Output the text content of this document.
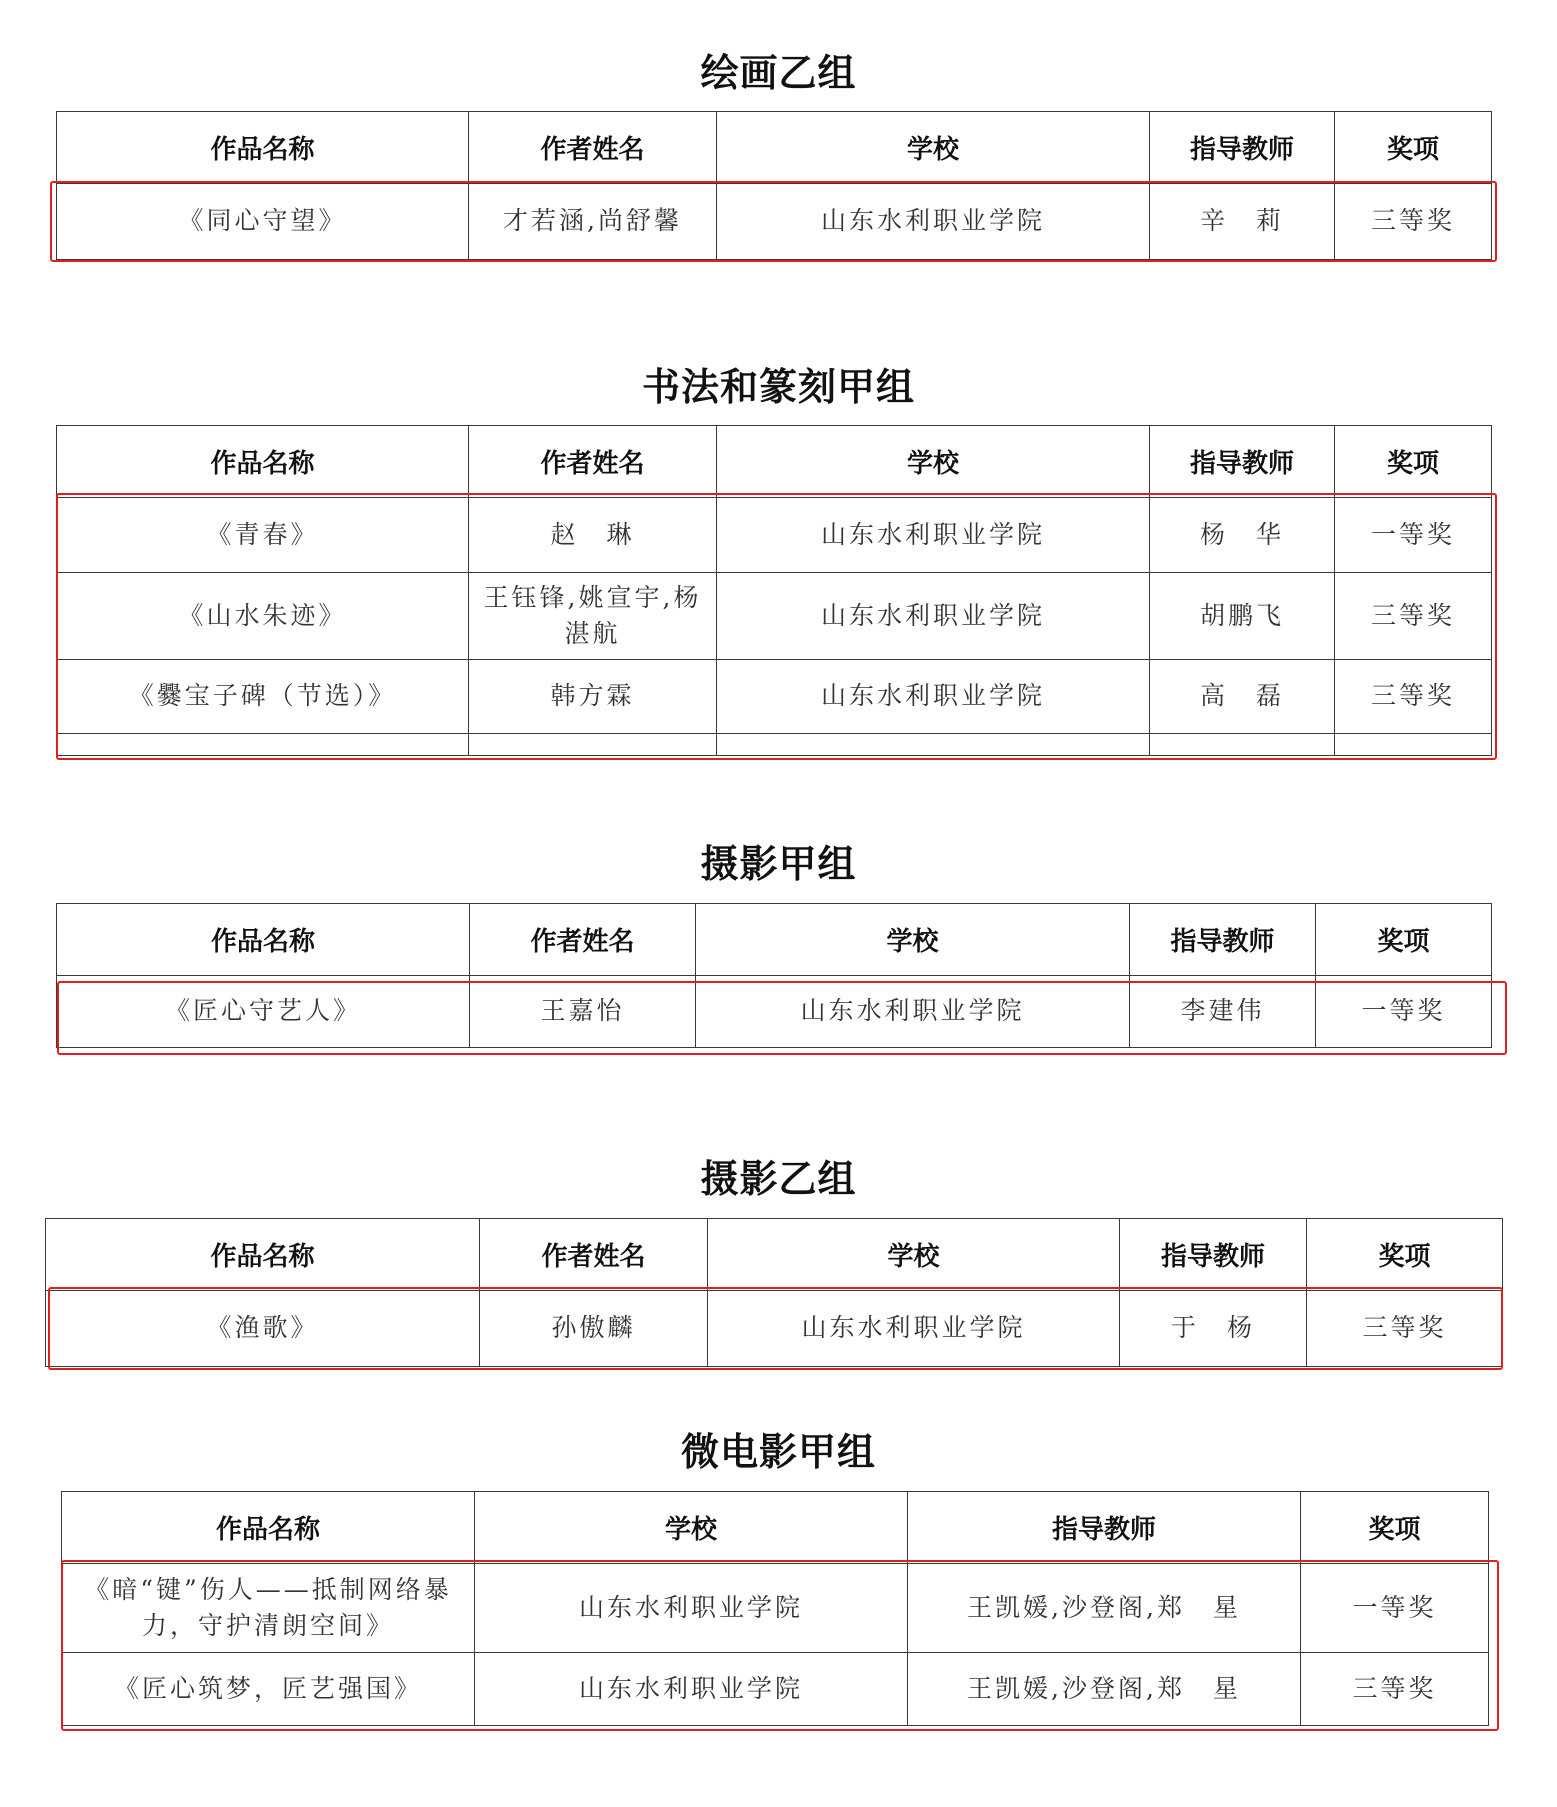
绘画乙组
作品名称	作者姓名	学校	指导教师	奖项
《同心守望》	才若涵,尚舒馨	山东水利职业学院	辛　莉	三等奖
书法和篆刻甲组
作品名称	作者姓名	学校	指导教师	奖项
《青春》	赵　琳	山东水利职业学院	杨　华	一等奖
《山水朱迹》	王钰锋,姚宣宇,杨湛航	山东水利职业学院	胡鹏飞	三等奖
《爨宝子碑（节选）》	韩方霖	山东水利职业学院	高　磊	三等奖

摄影甲组
作品名称	作者姓名	学校	指导教师	奖项
《匠心守艺人》	王嘉怡	山东水利职业学院	李建伟	一等奖
摄影乙组
作品名称	作者姓名	学校	指导教师	奖项
《渔歌》	孙傲麟	山东水利职业学院	于　杨	三等奖
微电影甲组
作品名称	学校	指导教师	奖项
《暗“键”伤人——抵制网络暴力，守护清朗空间》	山东水利职业学院	王凯媛,沙登阁,郑　星	一等奖
《匠心筑梦，匠艺强国》	山东水利职业学院	王凯媛,沙登阁,郑　星	三等奖
